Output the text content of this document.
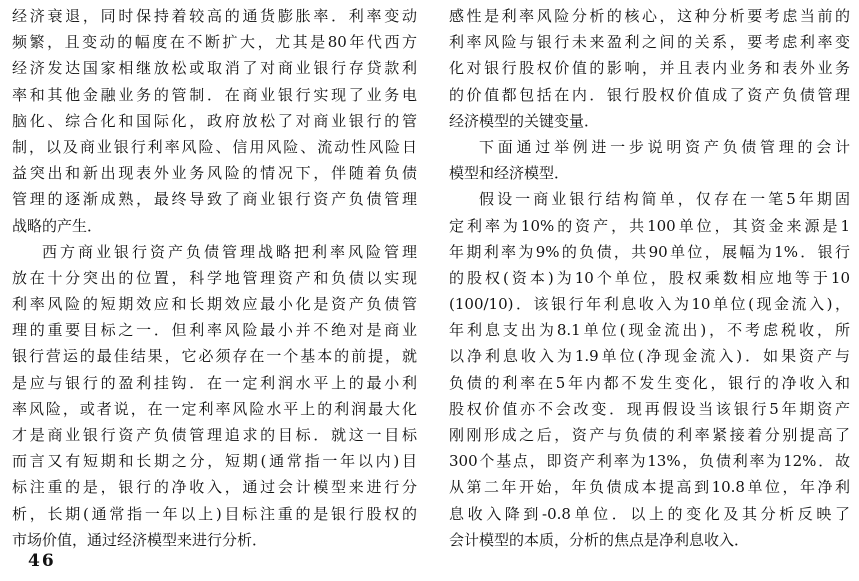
经济衰退，同时保持着较高的通货膨胀率．利率变动
频繁，且变动的幅度在不断扩大，尤其是80年代西方
经济发达国家相继放松或取消了对商业银行存贷款利
率和其他金融业务的管制．在商业银行实现了业务电
脑化、综合化和国际化，政府放松了对商业银行的管
制，以及商业银行利率风险、信用风险、流动性风险日
益突出和新出现表外业务风险的情况下，伴随着负债
管理的逐渐成熟，最终导致了商业银行资产负债管理
战略的产生．
西方商业银行资产负债管理战略把利率风险管理
放在十分突出的位置，科学地管理资产和负债以实现
利率风险的短期效应和长期效应最小化是资产负债管
理的重要目标之一．但利率风险最小并不绝对是商业
银行营运的最佳结果，它必须存在一个基本的前提，就
是应与银行的盈利挂钩．在一定利润水平上的最小利
率风险，或者说，在一定利率风险水平上的利润最大化
才是商业银行资产负债管理追求的目标．就这一目标
而言又有短期和长期之分，短期(通常指一年以内)目
标注重的是，银行的净收入，通过会计模型来进行分
析，长期(通常指一年以上)目标注重的是银行股权的
市场价值，通过经济模型来进行分析．
感性是利率风险分析的核心，这种分析要考虑当前的
利率风险与银行未来盈利之间的关系，要考虑利率变
化对银行股权价值的影响，并且表内业务和表外业务
的价值都包括在内．银行股权价值成了资产负债管理
经济模型的关键变量．
下面通过举例进一步说明资产负债管理的会计
模型和经济模型．
假设一商业银行结构简单，仅存在一笔5年期固
定利率为10%的资产，共100单位，其资金来源是1
年期利率为9%的负债，共90单位，展幅为1%．银行
的股权(资本)为10个单位，股权乘数相应地等于10
(100/10)．该银行年利息收入为10单位(现金流入)，
年利息支出为8.1单位(现金流出)，不考虑税收，所
以净利息收入为1.9单位(净现金流入)．如果资产与
负债的利率在5年内都不发生变化，银行的净收入和
股权价值亦不会改变．现再假设当该银行5年期资产
刚刚形成之后，资产与负债的利率紧接着分别提高了
300个基点，即资产利率为13%，负债利率为12%．故
从第二年开始，年负债成本提高到10.8单位，年净利
息收入降到-0.8单位．以上的变化及其分析反映了
会计模型的本质，分析的焦点是净利息收入．
46
